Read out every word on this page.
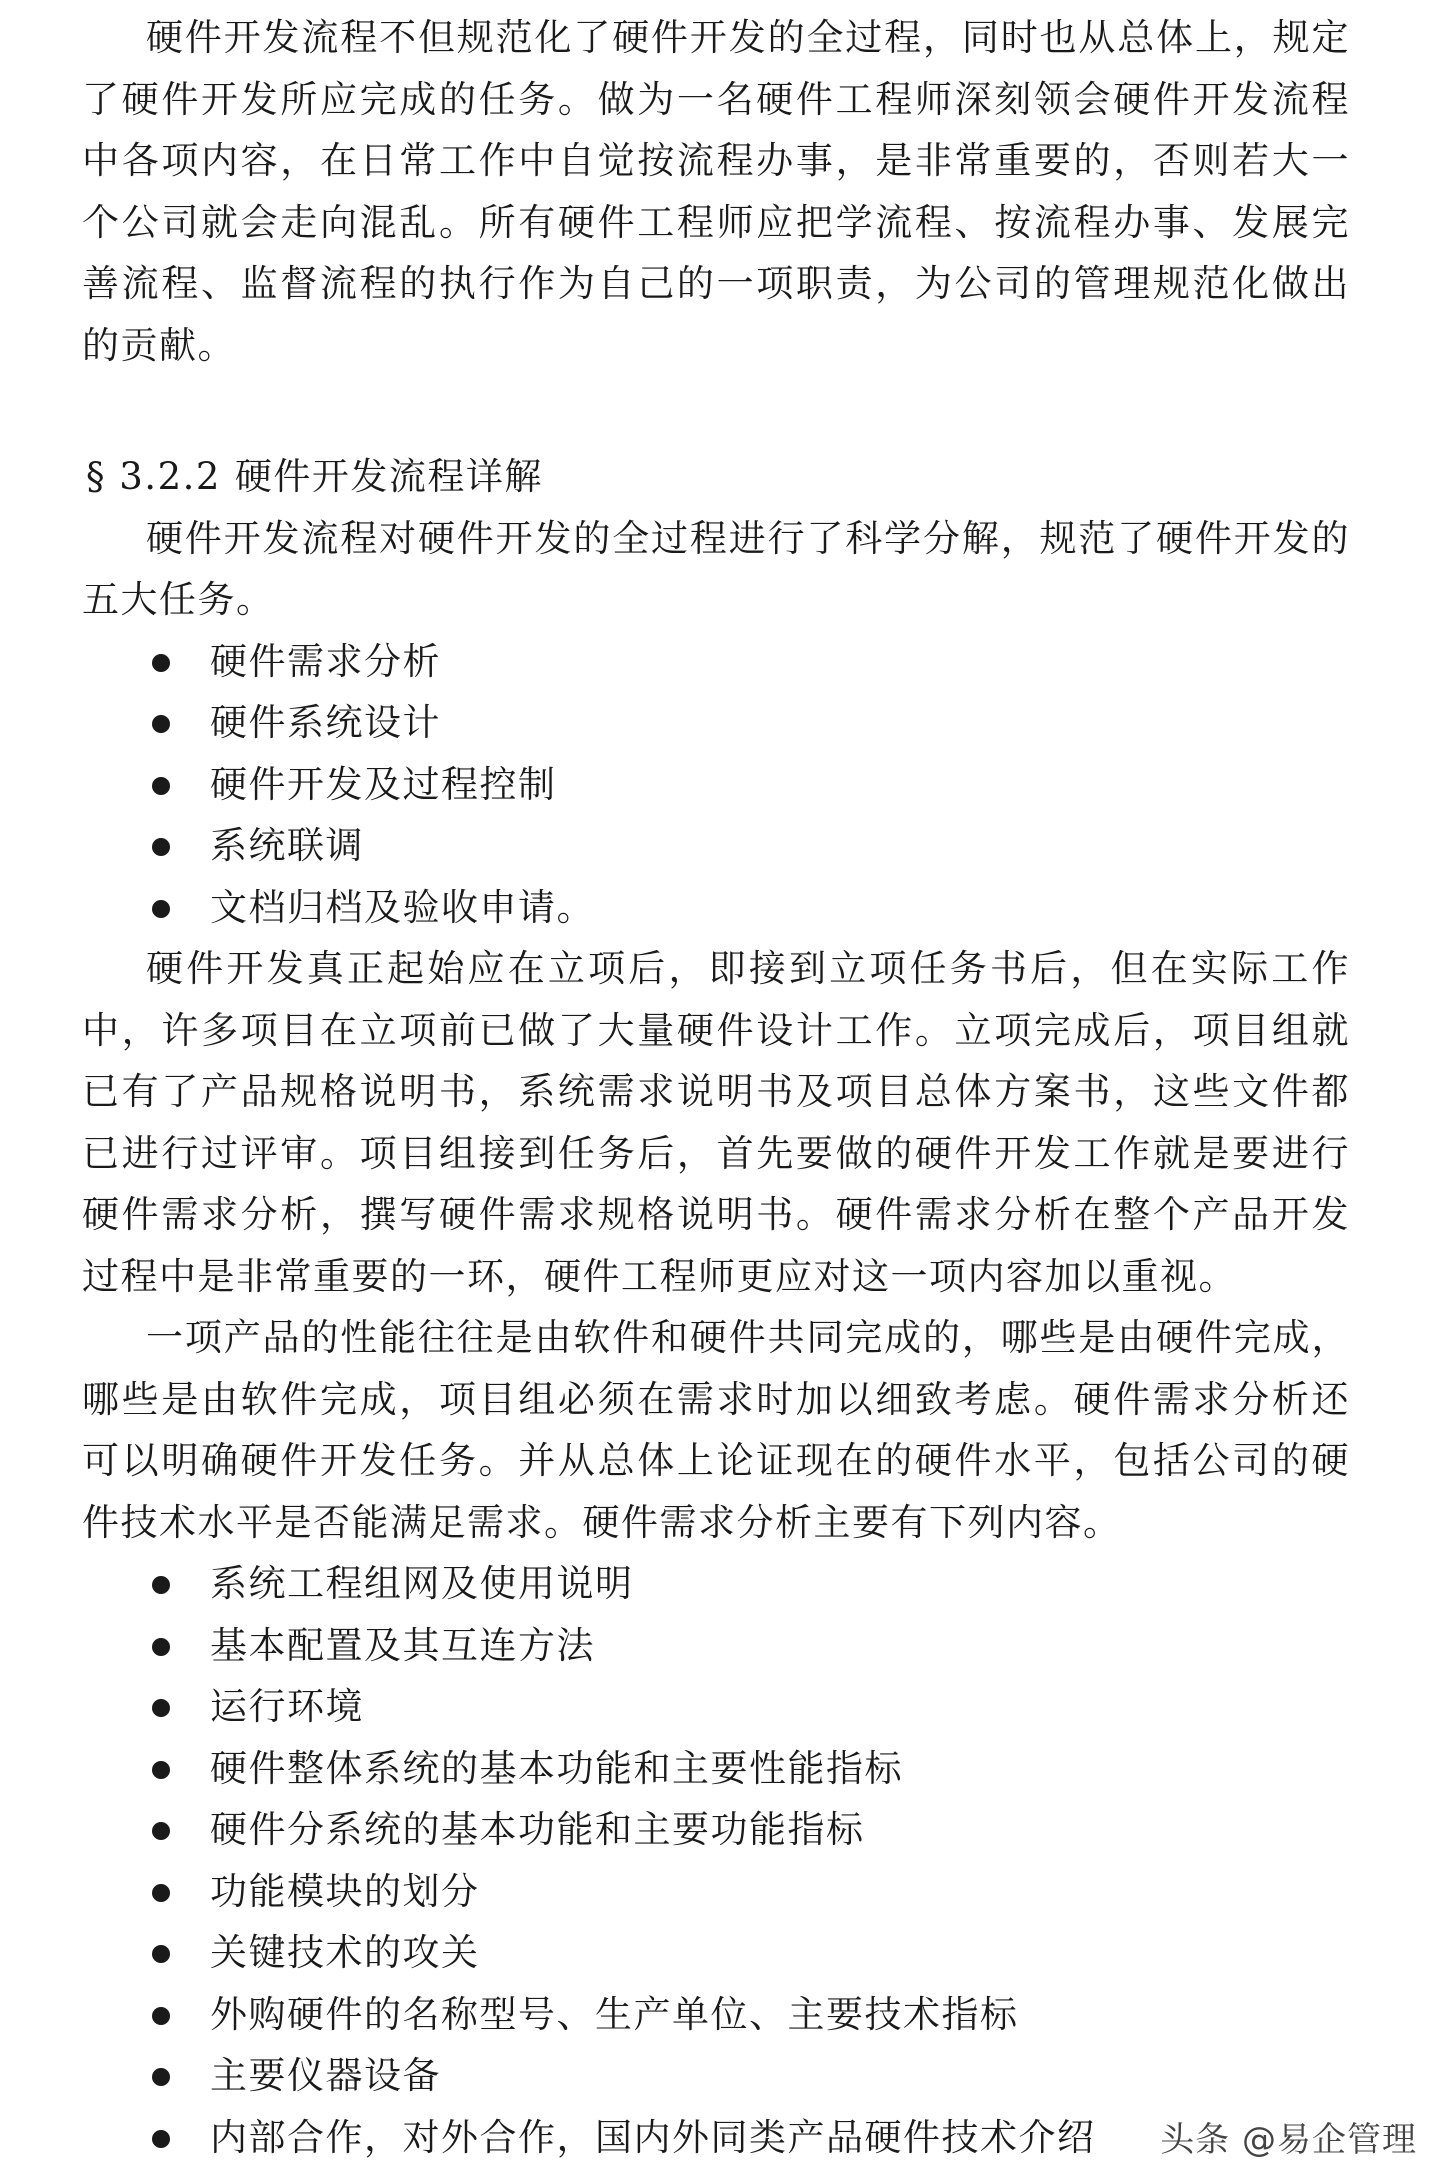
硬件开发流程不但规范化了硬件开发的全过程，同时也从总体上，规定了硬件开发所应完成的任务。做为一名硬件工程师深刻领会硬件开发流程中各项内容，在日常工作中自觉按流程办事，是非常重要的，否则若大一个公司就会走向混乱。所有硬件工程师应把学流程、按流程办事、发展完善流程、监督流程的执行作为自己的一项职责，为公司的管理规范化做出的贡献。

§ 3.2.2 硬件开发流程详解

硬件开发流程对硬件开发的全过程进行了科学分解，规范了硬件开发的五大任务。

硬件需求分析
硬件系统设计
硬件开发及过程控制
系统联调
文档归档及验收申请。

硬件开发真正起始应在立项后，即接到立项任务书后，但在实际工作中，许多项目在立项前已做了大量硬件设计工作。立项完成后，项目组就已有了产品规格说明书，系统需求说明书及项目总体方案书，这些文件都已进行过评审。项目组接到任务后，首先要做的硬件开发工作就是要进行硬件需求分析，撰写硬件需求规格说明书。硬件需求分析在整个产品开发过程中是非常重要的一环，硬件工程师更应对这一项内容加以重视。

一项产品的性能往往是由软件和硬件共同完成的，哪些是由硬件完成，哪些是由软件完成，项目组必须在需求时加以细致考虑。硬件需求分析还可以明确硬件开发任务。并从总体上论证现在的硬件水平，包括公司的硬件技术水平是否能满足需求。硬件需求分析主要有下列内容。

系统工程组网及使用说明
基本配置及其互连方法
运行环境
硬件整体系统的基本功能和主要性能指标
硬件分系统的基本功能和主要功能指标
功能模块的划分
关键技术的攻关
外购硬件的名称型号、生产单位、主要技术指标
主要仪器设备
内部合作，对外合作，国内外同类产品硬件技术介绍	头条 @易企管理
